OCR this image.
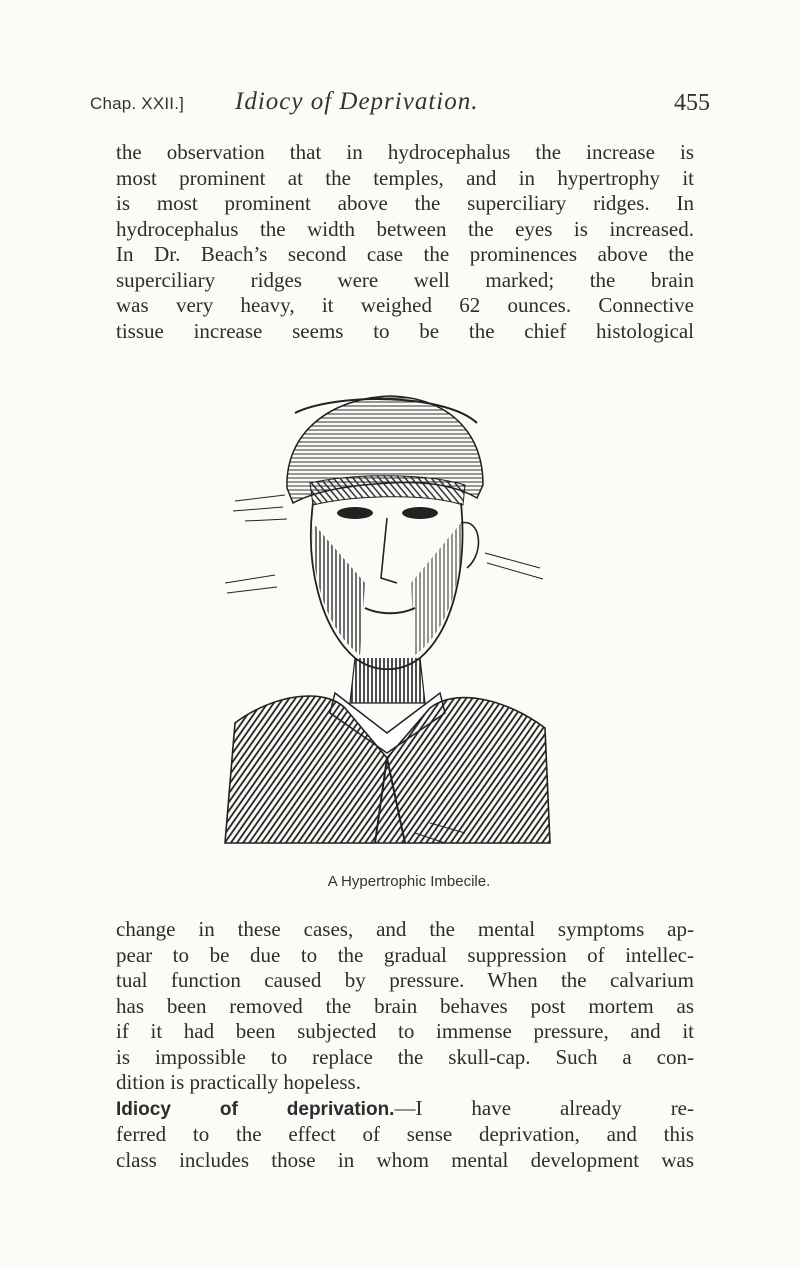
Chap. XXII.] Idiocy of Deprivation.	455
the observation that in hydrocephalus the increase is
most prominent at the temples, and in hypertrophy it
is most prominent above the superciliary ridges. In
hydrocephalus the width between the eyes is increased.
In Dr. Beach’s second case the prominences above the
superciliary ridges were well marked; the brain
was very heavy, it weighed 62 ounces. Connective
tissue increase seems to be the chief histological
A Hypertrophic Imbecile.
change in these cases, and the mental symptoms ap-
pear to be due to the gradual suppression of intellec-
tual function caused by pressure. When the calvarium
has been removed the brain behaves post mortem as
if it had been subjected to immense pressure, and it
is impossible to replace the skull-cap. Such a con-
dition is practically hopeless.
Idiocy of deprivation.—I have already re-
ferred to the effect of sense deprivation, and this
class includes those in whom mental development was
